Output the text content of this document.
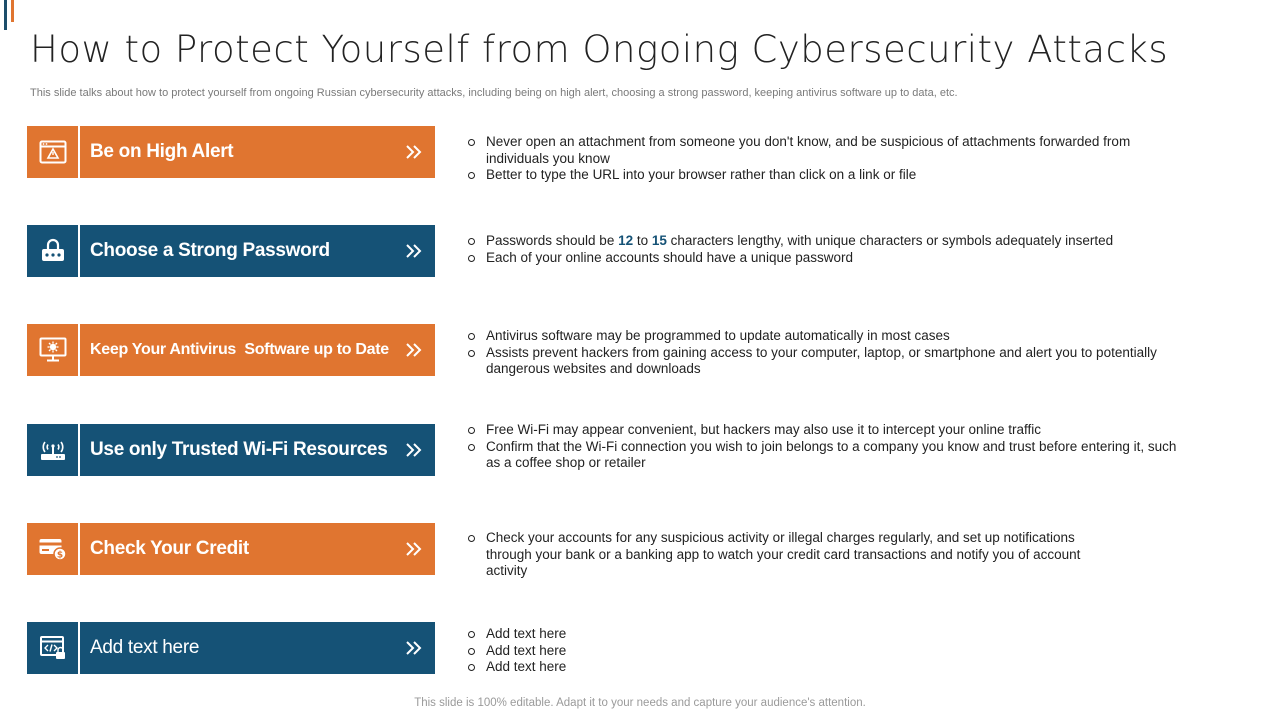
How to Protect Yourself from Ongoing Cybersecurity Attacks
This slide talks about how to protect yourself from ongoing Russian cybersecurity attacks, including being on high alert, choosing a strong password, keeping antivirus software up to data, etc.
Be on High Alert	Never open an attachment from someone you don't know, and be suspicious of attachments forwarded from individuals you know
Better to type the URL into your browser rather than click on a link or file
Choose a Strong Password	Passwords should be 12 to 15 characters lengthy, with unique characters or symbols adequately inserted
Each of your online accounts should have a unique password
Keep Your Antivirus  Software up to Date
Antivirus software may be programmed to update automatically in most cases
Assists prevent hackers from gaining access to your computer, laptop, or smartphone and alert you to potentially dangerous websites and downloads
Use only Trusted Wi-Fi Resources
Free Wi-Fi may appear convenient, but hackers may also use it to intercept your online traffic
Confirm that the Wi-Fi connection you wish to join belongs to a company you know and trust before entering it, such as a coffee shop or retailer
$ Check Your Credit
Check your accounts for any suspicious activity or illegal charges regularly, and set up notifications through your bank or a banking app to watch your credit card transactions and notify you of account activity
Add text here
Add text here
Add text here
Add text here
This slide is 100% editable. Adapt it to your needs and capture your audience's attention.
